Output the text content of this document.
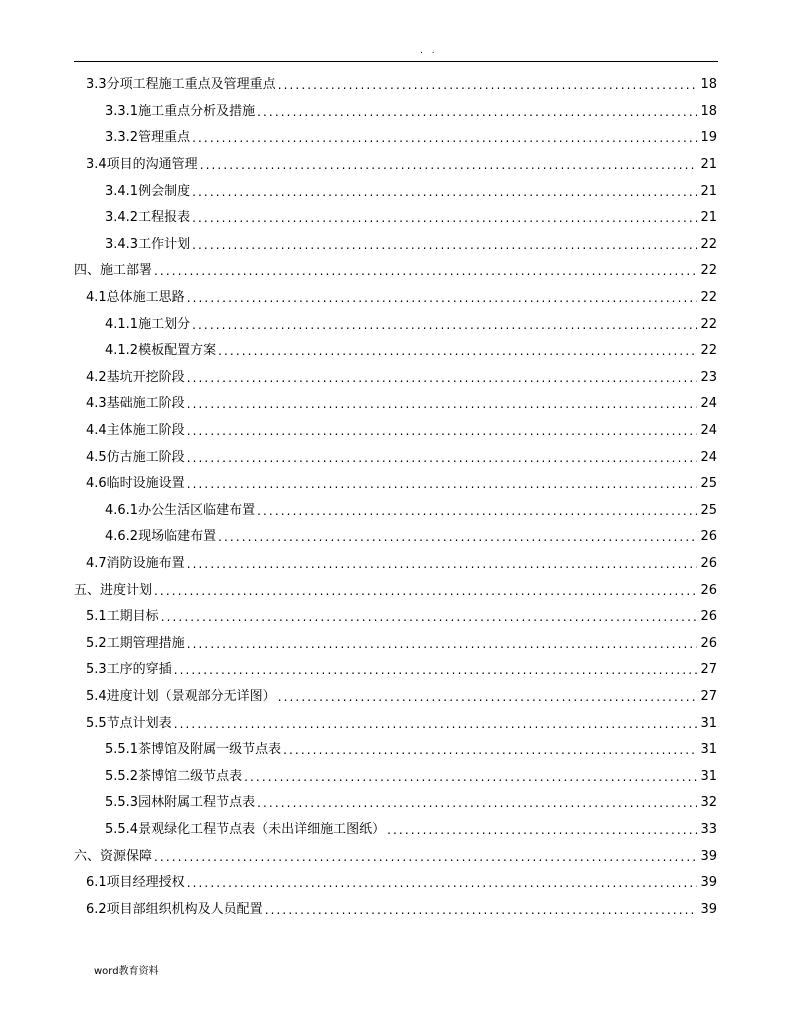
. .
3.3分项工程施工重点及管理重点 .....	18
3.3.1施工重点分析及措施 .....	18
3.3.2管理重点 .....	19
3.4项目的沟通管理 .....	21
3.4.1例会制度 .....	21
3.4.2工程报表 .....	21
3.4.3工作计划 .....	22
四、施工部署 .....	22
4.1总体施工思路 .....	22
4.1.1施工划分 .....	22
4.1.2模板配置方案 .....	22
4.2基坑开挖阶段 .....	23
4.3基础施工阶段 .....	24
4.4主体施工阶段 .....	24
4.5仿古施工阶段 .....	24
4.6临时设施设置 .....	25
4.6.1办公生活区临建布置 .....	25
4.6.2现场临建布置 .....	26
4.7消防设施布置 .....	26
五、进度计划 .....	26
5.1工期目标 .....	26
5.2工期管理措施 .....	26
5.3工序的穿插 .....	27
5.4进度计划（景观部分无详图） .....	27
5.5节点计划表 .....	31
5.5.1茶博馆及附属一级节点表 .....	31
5.5.2茶博馆二级节点表 .....	31
5.5.3园林附属工程节点表 .....	32
5.5.4景观绿化工程节点表（未出详细施工图纸） .....	33
六、资源保障 .....	39
6.1项目经理授权 .....	39
6.2项目部组织机构及人员配置 .....	39
word教育资料
